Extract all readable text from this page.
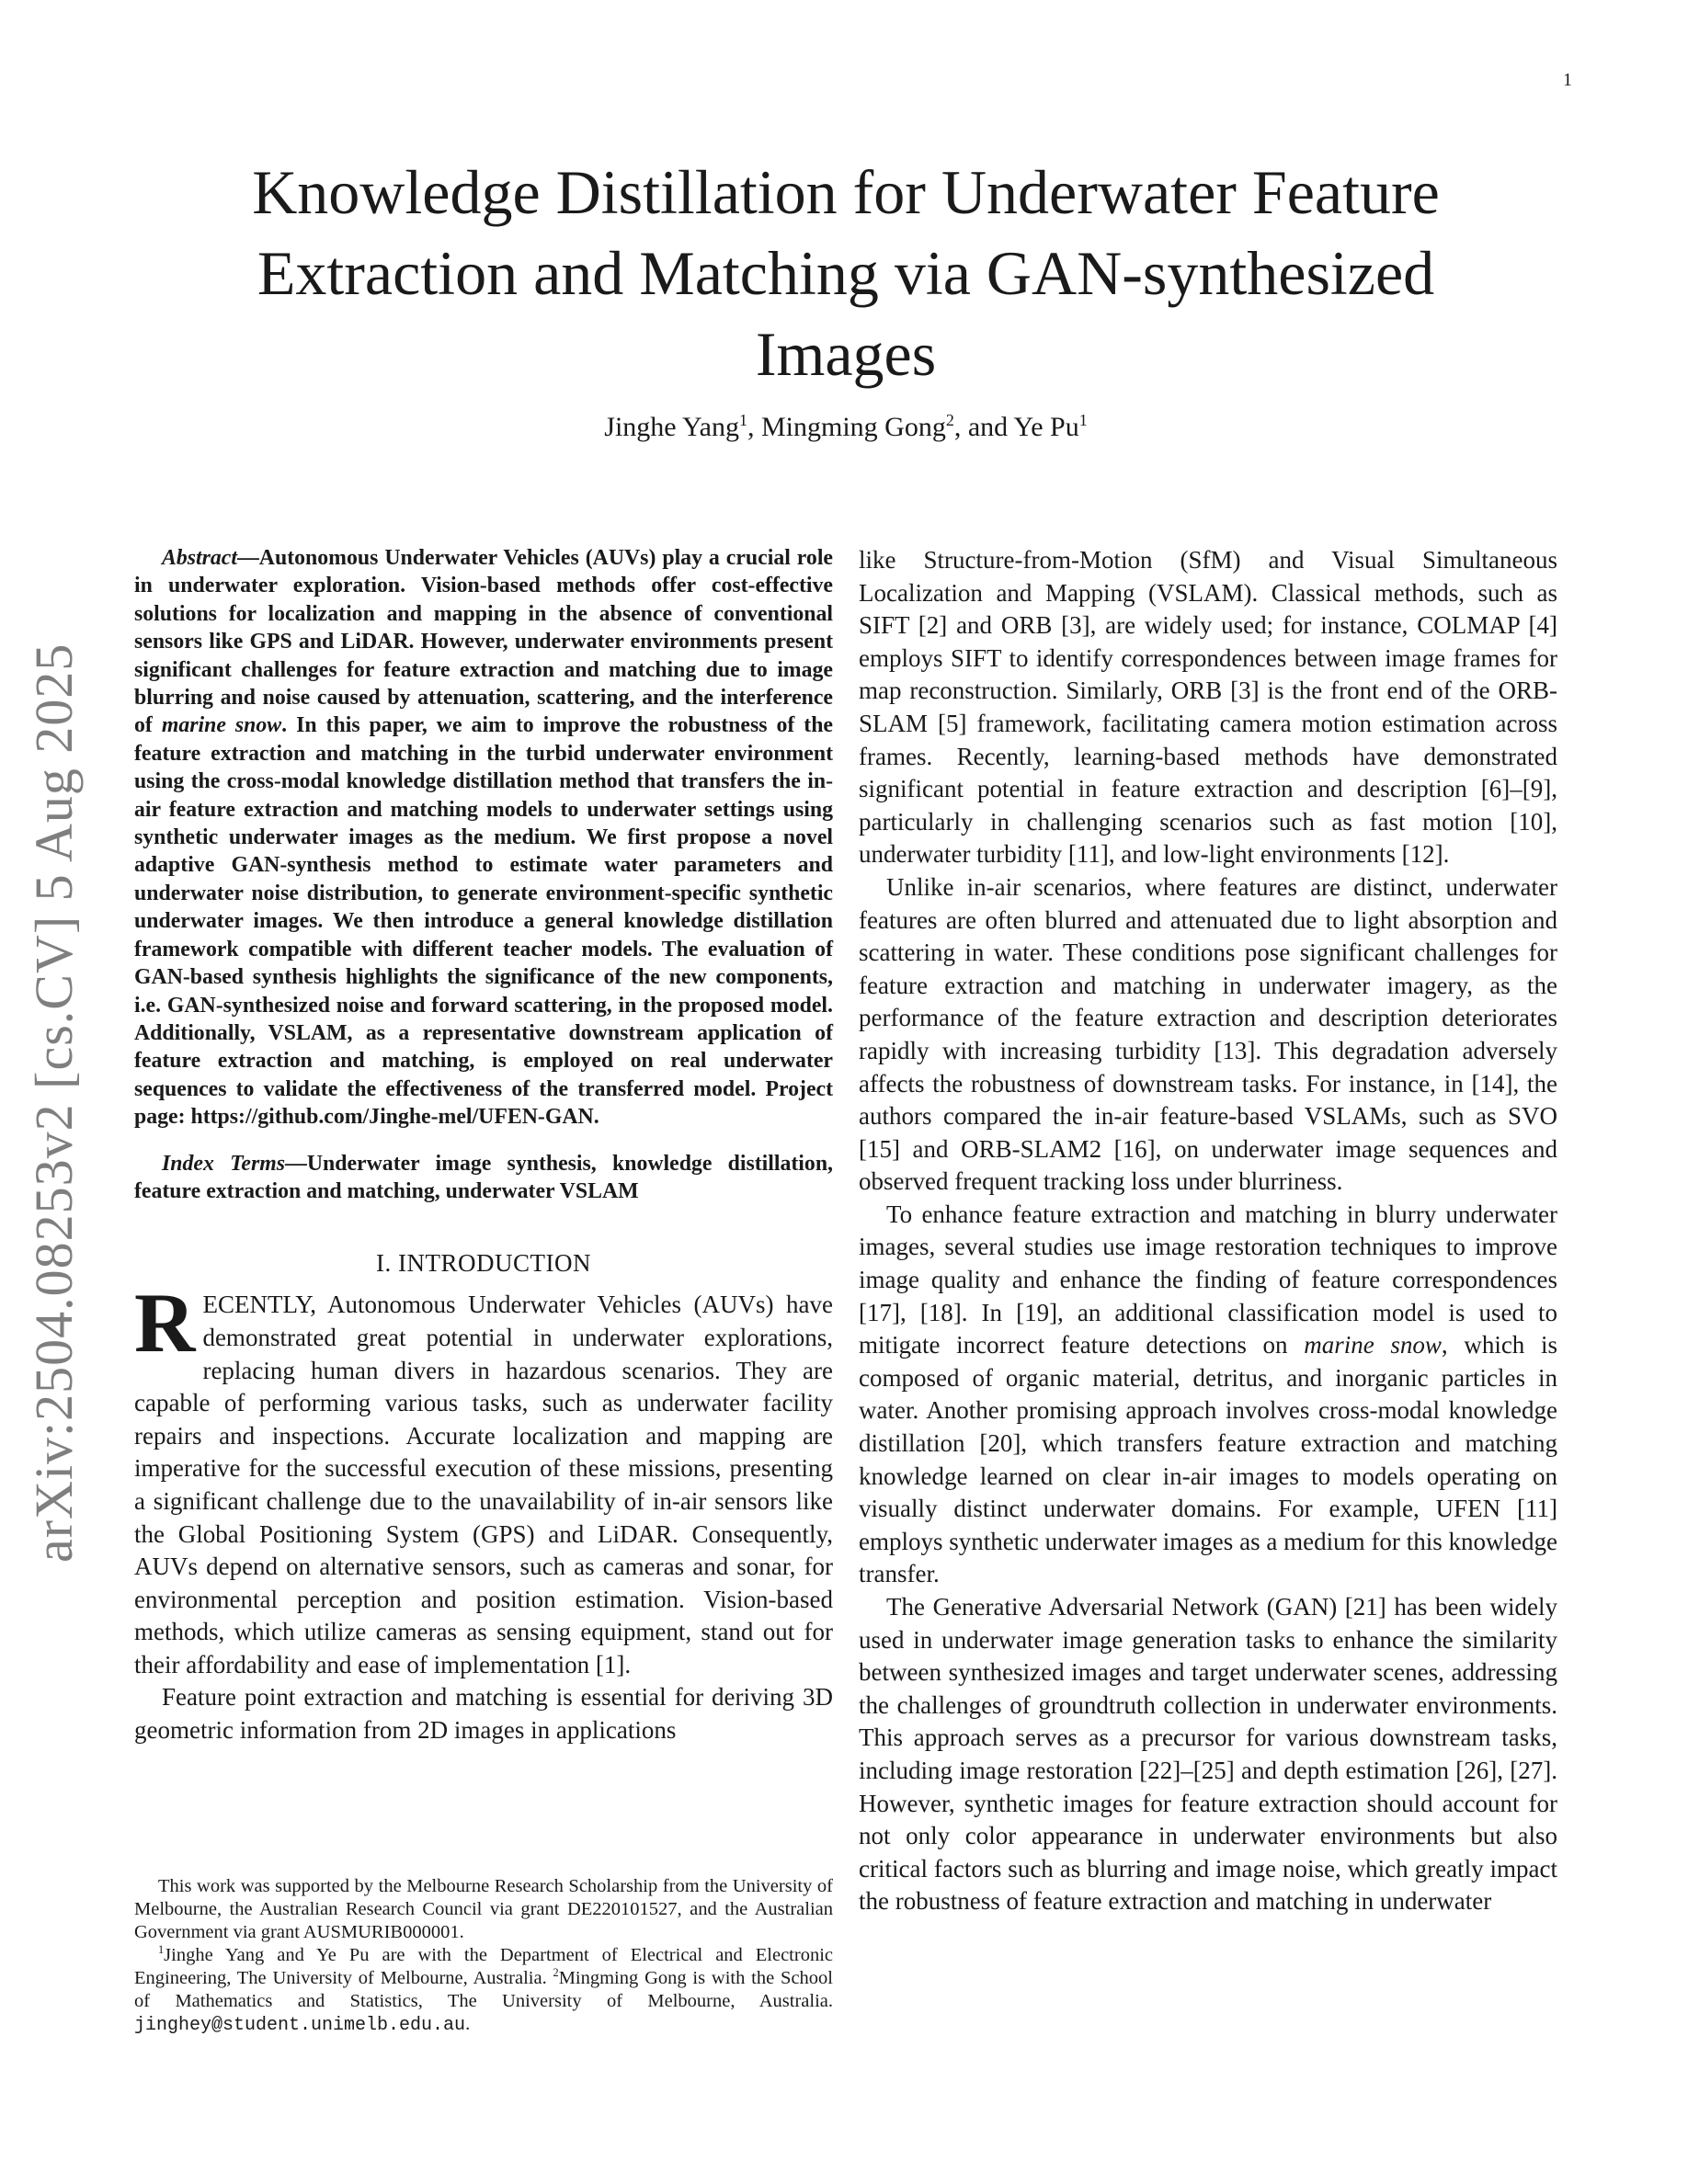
1
arXiv:2504.08253v2 [cs.CV] 5 Aug 2025
Knowledge Distillation for Underwater Feature Extraction and Matching via GAN-synthesized Images
Jinghe Yang$^1$, Mingming Gong$^2$, and Ye Pu$^1$

Abstract—Autonomous Underwater Vehicles (AUVs) play a crucial role in underwater exploration. Vision-based methods offer cost-effective solutions for localization and mapping in the absence of conventional sensors like GPS and LiDAR. However, underwater environments present significant challenges for feature extraction and matching due to image blurring and noise caused by attenuation, scattering, and the interference of marine snow. In this paper, we aim to improve the robustness of the feature extraction and matching in the turbid underwater environment using the cross-modal knowledge distillation method that transfers the in-air feature extraction and matching models to underwater settings using synthetic underwater images as the medium. We first propose a novel adaptive GAN-synthesis method to estimate water parameters and underwater noise distribution, to generate environment-specific synthetic underwater images. We then introduce a general knowledge distillation framework compatible with different teacher models. The evaluation of GAN-based synthesis highlights the significance of the new components, i.e. GAN-synthesized noise and forward scattering, in the proposed model. Additionally, VSLAM, as a representative downstream application of feature extraction and matching, is employed on real underwater sequences to validate the effectiveness of the transferred model. Project page: https://github.com/Jinghe-mel/UFEN-GAN.

Index Terms—Underwater image synthesis, knowledge distillation, feature extraction and matching, underwater VSLAM

I. INTRODUCTION

RECENTLY, Autonomous Underwater Vehicles (AUVs) have demonstrated great potential in underwater explorations, replacing human divers in hazardous scenarios. They are capable of performing various tasks, such as underwater facility repairs and inspections. Accurate localization and mapping are imperative for the successful execution of these missions, presenting a significant challenge due to the unavailability of in-air sensors like the Global Positioning System (GPS) and LiDAR. Consequently, AUVs depend on alternative sensors, such as cameras and sonar, for environmental perception and position estimation. Vision-based methods, which utilize cameras as sensing equipment, stand out for their affordability and ease of implementation [1].

Feature point extraction and matching is essential for deriving 3D geometric information from 2D images in applications

like Structure-from-Motion (SfM) and Visual Simultaneous Localization and Mapping (VSLAM). Classical methods, such as SIFT [2] and ORB [3], are widely used; for instance, COLMAP [4] employs SIFT to identify correspondences between image frames for map reconstruction. Similarly, ORB [3] is the front end of the ORB-SLAM [5] framework, facilitating camera motion estimation across frames. Recently, learning-based methods have demonstrated significant potential in feature extraction and description [6]–[9], particularly in challenging scenarios such as fast motion [10], underwater turbidity [11], and low-light environments [12].

Unlike in-air scenarios, where features are distinct, underwater features are often blurred and attenuated due to light absorption and scattering in water. These conditions pose significant challenges for feature extraction and matching in underwater imagery, as the performance of the feature extraction and description deteriorates rapidly with increasing turbidity [13]. This degradation adversely affects the robustness of downstream tasks. For instance, in [14], the authors compared the in-air feature-based VSLAMs, such as SVO [15] and ORB-SLAM2 [16], on underwater image sequences and observed frequent tracking loss under blurriness.

To enhance feature extraction and matching in blurry underwater images, several studies use image restoration techniques to improve image quality and enhance the finding of feature correspondences [17], [18]. In [19], an additional classification model is used to mitigate incorrect feature detections on marine snow, which is composed of organic material, detritus, and inorganic particles in water. Another promising approach involves cross-modal knowledge distillation [20], which transfers feature extraction and matching knowledge learned on clear in-air images to models operating on visually distinct underwater domains. For example, UFEN [11] employs synthetic underwater images as a medium for this knowledge transfer.

The Generative Adversarial Network (GAN) [21] has been widely used in underwater image generation tasks to enhance the similarity between synthesized images and target underwater scenes, addressing the challenges of groundtruth collection in underwater environments. This approach serves as a precursor for various downstream tasks, including image restoration [22]–[25] and depth estimation [26], [27]. However, synthetic images for feature extraction should account for not only color appearance in underwater environments but also critical factors such as blurring and image noise, which greatly impact the robustness of feature extraction and matching in underwater

This work was supported by the Melbourne Research Scholarship from the University of Melbourne, the Australian Research Council via grant DE220101527, and the Australian Government via grant AUSMURIB000001.

$^1$Jinghe Yang and Ye Pu are with the Department of Electrical and Electronic Engineering, The University of Melbourne, Australia. $^2$Mingming Gong is with the School of Mathematics and Statistics, The University of Melbourne, Australia. jinghey@student.unimelb.edu.au.
